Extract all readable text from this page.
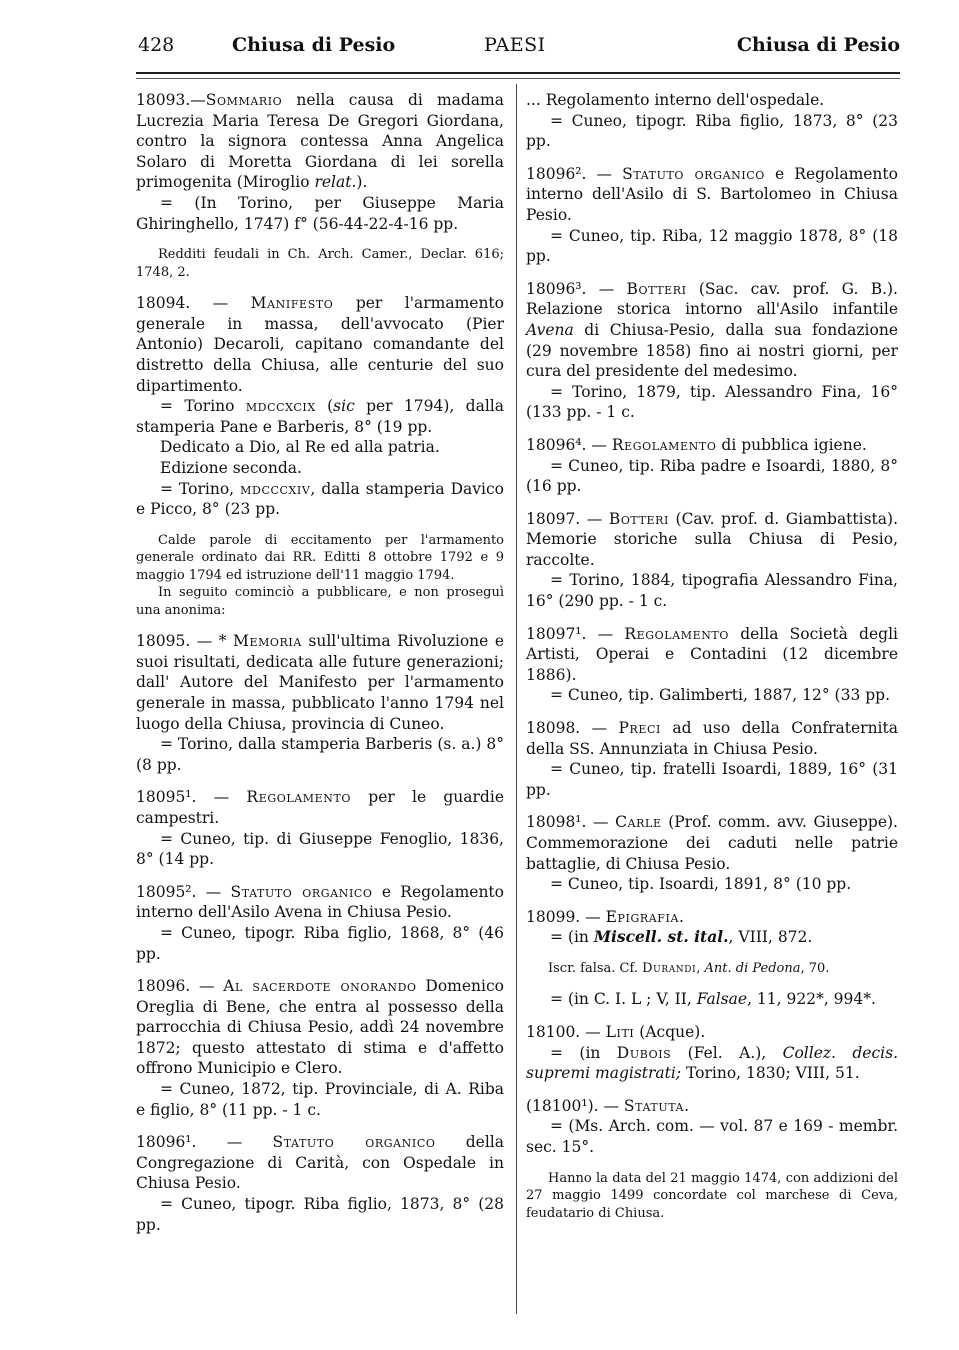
428	Chiusa di Pesio	PAESI	Chiusa di Pesio

18093.—Sommario nella causa di madama Lucrezia Maria Teresa De Gregori Giordana, contro la signora contessa Anna Angelica Solaro di Moretta Giordana di lei sorella primogenita (Miroglio relat.).

= (In Torino, per Giuseppe Maria Ghiringhello, 1747) f° (56-44-22-4-16 pp.

Redditi feudali in Ch. Arch. Camer., Declar. 616; 1748, 2.

18094. — Manifesto per l'armamento generale in massa, dell'avvocato (Pier Antonio) Decaroli, capitano comandante del distretto della Chiusa, alle centurie del suo dipartimento.

= Torino mdccxcix (sic per 1794), dalla stamperia Pane e Barberis, 8° (19 pp.

Dedicato a Dio, al Re ed alla patria.

Edizione seconda.

= Torino, mdcccxiv, dalla stamperia Davico e Picco, 8° (23 pp.

Calde parole di eccitamento per l'armamento generale ordinato dai RR. Editti 8 ottobre 1792 e 9 maggio 1794 ed istruzione dell'11 maggio 1794.

In seguito cominciò a pubblicare, e non proseguì una anonima:

18095. — * Memoria sull'ultima Rivoluzione e suoi risultati, dedicata alle future generazioni; dall' Autore del Manifesto per l'armamento generale in massa, pubblicato l'anno 1794 nel luogo della Chiusa, provincia di Cuneo.

= Torino, dalla stamperia Barberis (s. a.) 8° (8 pp.

18095¹. — Regolamento per le guardie campestri.

= Cuneo, tip. di Giuseppe Fenoglio, 1836, 8° (14 pp.

18095². — Statuto organico e Regolamento interno dell'Asilo Avena in Chiusa Pesio.

= Cuneo, tipogr. Riba figlio, 1868, 8° (46 pp.

18096. — Al sacerdote onorando Domenico Oreglia di Bene, che entra al possesso della parrocchia di Chiusa Pesio, addì 24 novembre 1872; questo attestato di stima e d'affetto offrono Municipio e Clero.

= Cuneo, 1872, tip. Provinciale, di A. Riba e figlio, 8° (11 pp. - 1 c.

18096¹. — Statuto organico della Congregazione di Carità, con Ospedale in Chiusa Pesio.

= Cuneo, tipogr. Riba figlio, 1873, 8° (28 pp.

... Regolamento interno dell'ospedale.

= Cuneo, tipogr. Riba figlio, 1873, 8° (23 pp.

18096². — Statuto organico e Regolamento interno dell'Asilo di S. Bartolomeo in Chiusa Pesio.

= Cuneo, tip. Riba, 12 maggio 1878, 8° (18 pp.

18096³. — Botteri (Sac. cav. prof. G. B.). Relazione storica intorno all'Asilo infantile Avena di Chiusa-Pesio, dalla sua fondazione (29 novembre 1858) fino ai nostri giorni, per cura del presidente del medesimo.

= Torino, 1879, tip. Alessandro Fina, 16° (133 pp. - 1 c.

18096⁴. — Regolamento di pubblica igiene.

= Cuneo, tip. Riba padre e Isoardi, 1880, 8° (16 pp.

18097. — Botteri (Cav. prof. d. Giambattista). Memorie storiche sulla Chiusa di Pesio, raccolte.

= Torino, 1884, tipografia Alessandro Fina, 16° (290 pp. - 1 c.

18097¹. — Regolamento della Società degli Artisti, Operai e Contadini (12 dicembre 1886).

= Cuneo, tip. Galimberti, 1887, 12° (33 pp.

18098. — Preci ad uso della Confraternita della SS. Annunziata in Chiusa Pesio.

= Cuneo, tip. fratelli Isoardi, 1889, 16° (31 pp.

18098¹. — Carle (Prof. comm. avv. Giuseppe). Commemorazione dei caduti nelle patrie battaglie, di Chiusa Pesio.

= Cuneo, tip. Isoardi, 1891, 8° (10 pp.

18099. — Epigrafia.

= (in Miscell. st. ital., VIII, 872.

Iscr. falsa. Cf. Durandi, Ant. di Pedona, 70.

= (in C. I. L ; V, II, Falsae, 11, 922*, 994*.

18100. — Liti (Acque).

= (in Dubois (Fel. A.), Collez. decis. supremi magistrati; Torino, 1830; VIII, 51.

(18100¹). — Statuta.

= (Ms. Arch. com. — vol. 87 e 169 - membr. sec. 15°.

Hanno la data del 21 maggio 1474, con addizioni del 27 maggio 1499 concordate col marchese di Ceva, feudatario di Chiusa.
